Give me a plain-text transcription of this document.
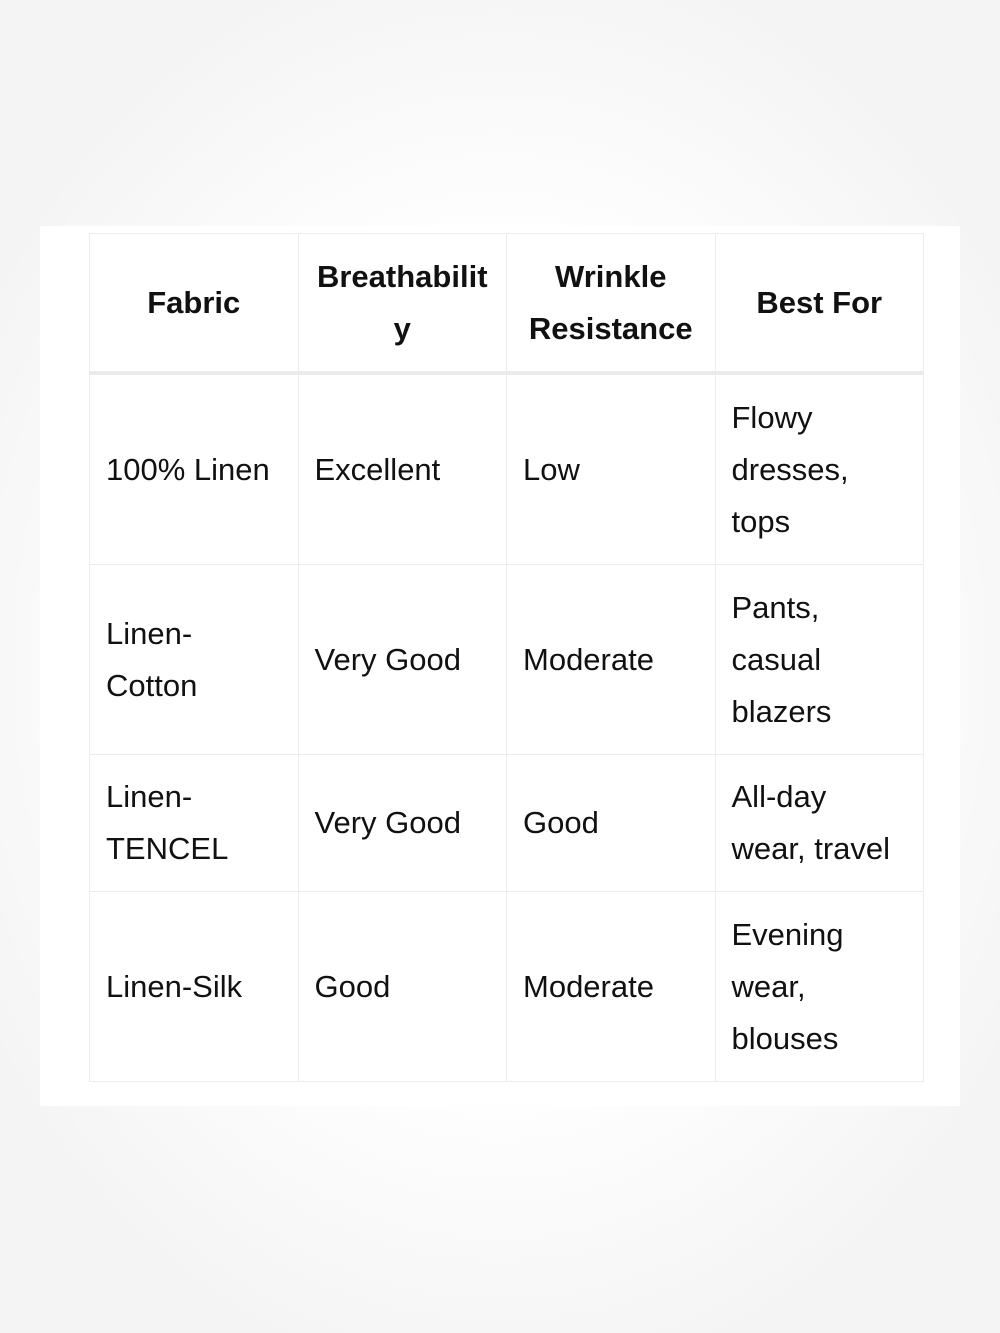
Fabric	Breathability	Wrinkle Resistance	Best For
100% Linen	Excellent	Low	Flowy dresses, tops
Linen-Cotton	Very Good	Moderate	Pants, casual blazers
Linen-TENCEL	Very Good	Good	All-day wear, travel
Linen-Silk	Good	Moderate	Evening wear, blouses
